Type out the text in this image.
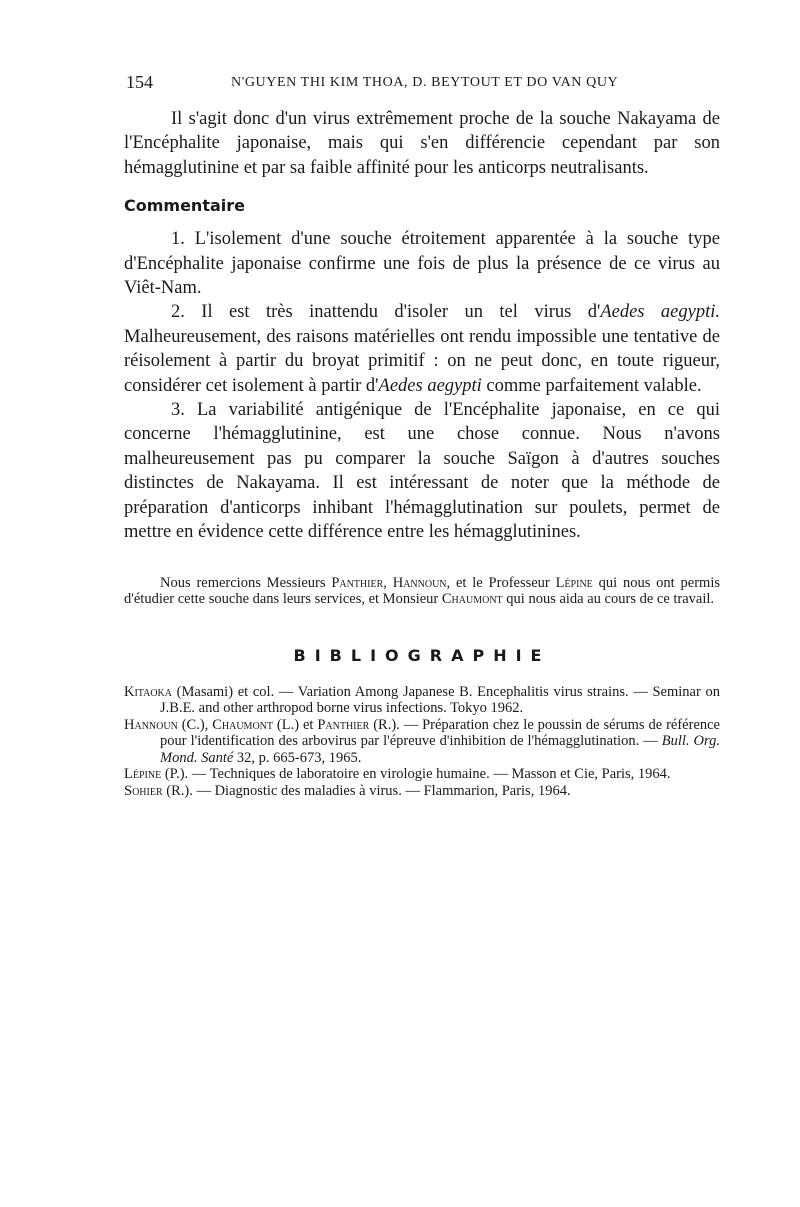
154	N'GUYEN THI KIM THOA, D. BEYTOUT ET DO VAN QUY

Il s'agit donc d'un virus extrêmement proche de la souche Nakayama de l'Encéphalite japonaise, mais qui s'en différencie cependant par son hémagglutinine et par sa faible affinité pour les anticorps neutralisants.

Commentaire

1. L'isolement d'une souche étroitement apparentée à la souche type d'Encéphalite japonaise confirme une fois de plus la présence de ce virus au Viêt-Nam.

2. Il est très inattendu d'isoler un tel virus d'Aedes aegypti. Malheureusement, des raisons matérielles ont rendu impossible une tentative de réisolement à partir du broyat primitif : on ne peut donc, en toute rigueur, considérer cet isolement à partir d'Aedes aegypti comme parfaitement valable.

3. La variabilité antigénique de l'Encéphalite japonaise, en ce qui concerne l'hémagglutinine, est une chose connue. Nous n'avons malheureusement pas pu comparer la souche Saïgon à d'autres souches distinctes de Nakayama. Il est intéressant de noter que la méthode de préparation d'anticorps inhibant l'hémagglutination sur poulets, permet de mettre en évidence cette différence entre les hémagglutinines.

Nous remercions Messieurs Panthier, Hannoun, et le Professeur Lépine qui nous ont permis d'étudier cette souche dans leurs services, et Monsieur Chaumont qui nous aida au cours de ce travail.

BIBLIOGRAPHIE

Kitaoka (Masami) et col. — Variation Among Japanese B. Encephalitis virus strains. — Seminar on J.B.E. and other arthropod borne virus infections. Tokyo 1962.

Hannoun (C.), Chaumont (L.) et Panthier (R.). — Préparation chez le poussin de sérums de référence pour l'identification des arbovirus par l'épreuve d'inhibition de l'hémagglutination. — Bull. Org. Mond. Santé 32, p. 665-673, 1965.

Lépine (P.). — Techniques de laboratoire en virologie humaine. — Masson et Cie, Paris, 1964.

Sohier (R.). — Diagnostic des maladies à virus. — Flammarion, Paris, 1964.
